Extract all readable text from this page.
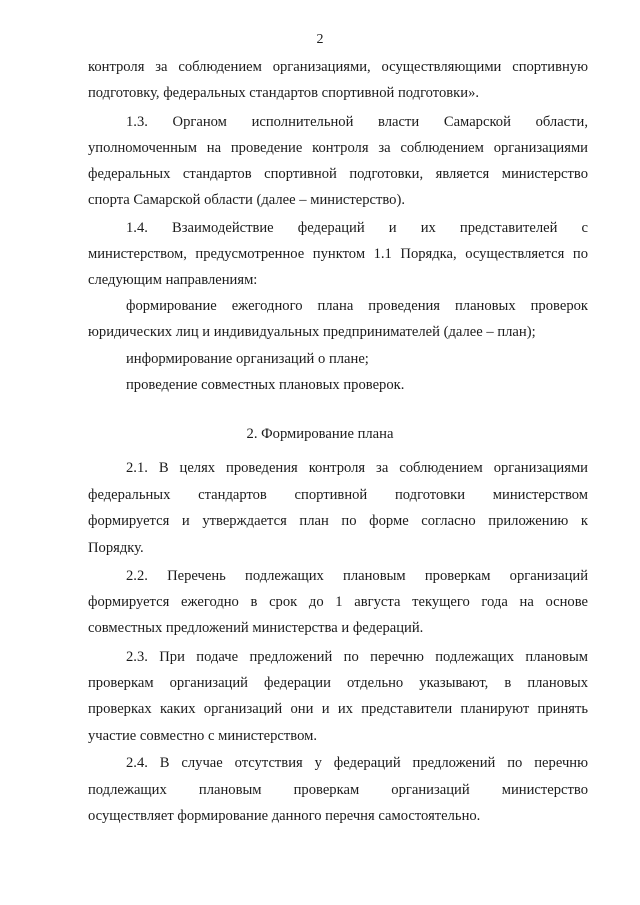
2
контроля за соблюдением организациями, осуществляющими спортивную
подготовку, федеральных стандартов спортивной подготовки».
1.3. Органом исполнительной власти Самарской области,
уполномоченным на проведение контроля за соблюдением организациями
федеральных стандартов спортивной подготовки, является министерство
спорта Самарской области (далее – министерство).
1.4. Взаимодействие федераций и их представителей с
министерством, предусмотренное пунктом 1.1 Порядка, осуществляется по
следующим направлениям:
формирование ежегодного плана проведения плановых проверок
юридических лиц и индивидуальных предпринимателей (далее – план);
информирование организаций о плане;
проведение совместных плановых проверок.
2. Формирование плана
2.1. В целях проведения контроля за соблюдением организациями
федеральных стандартов спортивной подготовки министерством
формируется и утверждается план по форме согласно приложению к
Порядку.
2.2. Перечень подлежащих плановым проверкам организаций
формируется ежегодно в срок до 1 августа текущего года на основе
совместных предложений министерства и федераций.
2.3. При подаче предложений по перечню подлежащих плановым
проверкам организаций федерации отдельно указывают, в плановых
проверках каких организаций они и их представители планируют принять
участие совместно с министерством.
2.4. В случае отсутствия у федераций предложений по перечню
подлежащих плановым проверкам организаций министерство
осуществляет формирование данного перечня самостоятельно.
